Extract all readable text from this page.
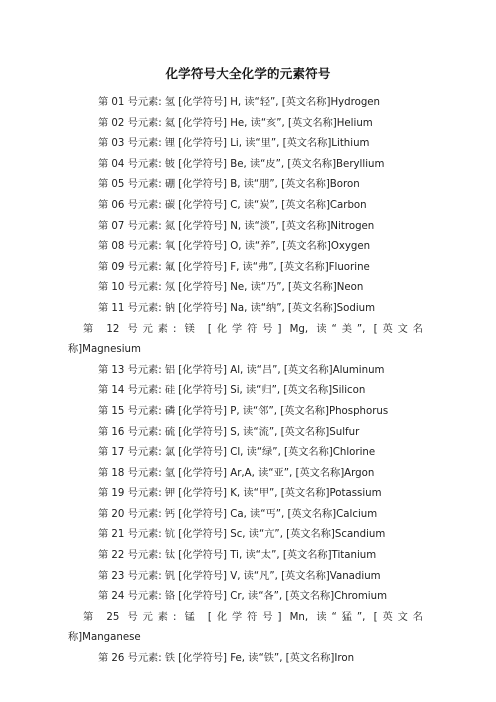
化学符号大全化学的元素符号
第 01 号元素: 氢 [化学符号] H, 读“轻”, [英文名称]Hydrogen
第 02 号元素: 氦 [化学符号] He, 读“亥”, [英文名称]Helium
第 03 号元素: 锂 [化学符号] Li, 读“里”, [英文名称]Lithium
第 04 号元素: 铍 [化学符号] Be, 读“皮”, [英文名称]Beryllium
第 05 号元素: 硼 [化学符号] B, 读“朋”, [英文名称]Boron
第 06 号元素: 碳 [化学符号] C, 读“炭”, [英文名称]Carbon
第 07 号元素: 氮 [化学符号] N, 读“淡”, [英文名称]Nitrogen
第 08 号元素: 氧 [化学符号] O, 读“养”, [英文名称]Oxygen
第 09 号元素: 氟 [化学符号] F, 读“弗”, [英文名称]Fluorine
第 10 号元素: 氖 [化学符号] Ne, 读“乃”, [英文名称]Neon
第 11 号元素: 钠 [化学符号] Na, 读“纳”, [英文名称]Sodium
第 12 号元素: 镁 [化学符号] Mg, 读“美”, [英文名
称]Magnesium
第 13 号元素: 铝 [化学符号] Al, 读“吕”, [英文名称]Aluminum
第 14 号元素: 硅 [化学符号] Si, 读“归”, [英文名称]Silicon
第 15 号元素: 磷 [化学符号] P, 读“邻”, [英文名称]Phosphorus
第 16 号元素: 硫 [化学符号] S, 读“流”, [英文名称]Sulfur
第 17 号元素: 氯 [化学符号] Cl, 读“绿”, [英文名称]Chlorine
第 18 号元素: 氩 [化学符号] Ar,A, 读“亚”, [英文名称]Argon
第 19 号元素: 钾 [化学符号] K, 读“甲”, [英文名称]Potassium
第 20 号元素: 钙 [化学符号] Ca, 读“丐”, [英文名称]Calcium
第 21 号元素: 钪 [化学符号] Sc, 读“亢”, [英文名称]Scandium
第 22 号元素: 钛 [化学符号] Ti, 读“太”, [英文名称]Titanium
第 23 号元素: 钒 [化学符号] V, 读“凡”, [英文名称]Vanadium
第 24 号元素: 铬 [化学符号] Cr, 读“各”, [英文名称]Chromium
第 25 号元素: 锰 [化学符号] Mn, 读“猛”, [英文名
称]Manganese
第 26 号元素: 铁 [化学符号] Fe, 读“铁”, [英文名称]Iron
